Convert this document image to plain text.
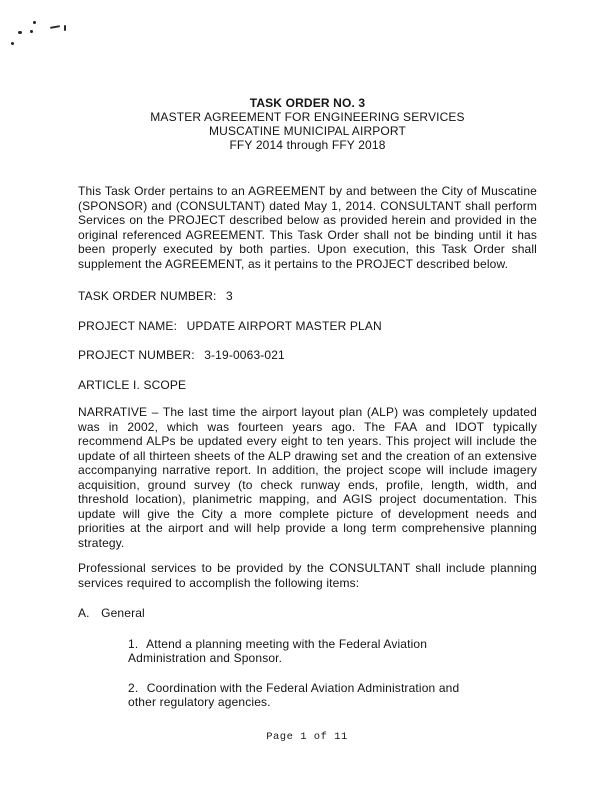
TASK ORDER NO. 3
MASTER AGREEMENT FOR ENGINEERING SERVICES
MUSCATINE MUNICIPAL AIRPORT
FFY 2014 through FFY 2018

This Task Order pertains to an AGREEMENT by and between the City of Muscatine (SPONSOR) and (CONSULTANT) dated May 1, 2014. CONSULTANT shall perform Services on the PROJECT described below as provided herein and provided in the original referenced AGREEMENT. This Task Order shall not be binding until it has been properly executed by both parties. Upon execution, this Task Order shall supplement the AGREEMENT, as it pertains to the PROJECT described below.

TASK ORDER NUMBER: 3
PROJECT NAME: UPDATE AIRPORT MASTER PLAN
PROJECT NUMBER: 3-19-0063-021
ARTICLE I. SCOPE

NARRATIVE – The last time the airport layout plan (ALP) was completely updated was in 2002, which was fourteen years ago. The FAA and IDOT typically recommend ALPs be updated every eight to ten years. This project will include the update of all thirteen sheets of the ALP drawing set and the creation of an extensive accompanying narrative report. In addition, the project scope will include imagery acquisition, ground survey (to check runway ends, profile, length, width, and threshold location), planimetric mapping, and AGIS project documentation. This update will give the City a more complete picture of development needs and priorities at the airport and will help provide a long term comprehensive planning strategy.

Professional services to be provided by the CONSULTANT shall include planning services required to accomplish the following items:

A. General

1. Attend a planning meeting with the Federal Aviation Administration and Sponsor.

2. Coordination with the Federal Aviation Administration and other regulatory agencies.

Page 1 of 11
